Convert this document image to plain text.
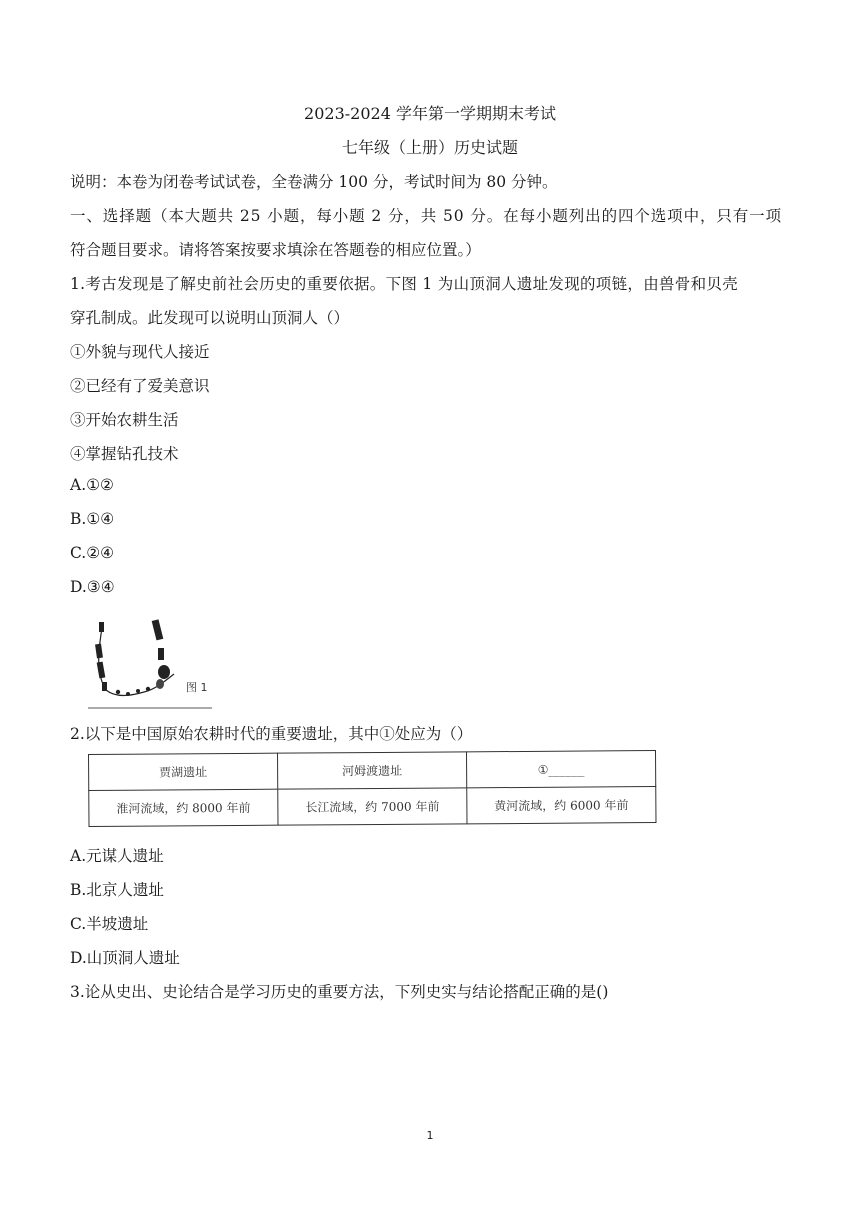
2023-2024 学年第一学期期末考试
七年级（上册）历史试题
说明：本卷为闭卷考试试卷，全卷满分 100 分，考试时间为 80 分钟。
一、选择题（本大题共 25 小题，每小题 2 分，共 50 分。在每小题列出的四个选项中，只有一项
符合题目要求。请将答案按要求填涂在答题卷的相应位置。）
1.考古发现是了解史前社会历史的重要依据。下图 1 为山顶洞人遗址发现的项链，由兽骨和贝壳
穿孔制成。此发现可以说明山顶洞人（）
①外貌与现代人接近
②已经有了爱美意识
③开始农耕生活
④掌握钻孔技术
A.①②
B.①④
C.②④
D.③④
图 1
2.以下是中国原始农耕时代的重要遗址，其中①处应为（）
贾湖遗址	河姆渡遗址	①______
淮河流域，约 8000 年前	长江流域，约 7000 年前	黄河流域，约 6000 年前
A.元谋人遗址
B.北京人遗址
C.半坡遗址
D.山顶洞人遗址
3.论从史出、史论结合是学习历史的重要方法，下列史实与结论搭配正确的是()
1
